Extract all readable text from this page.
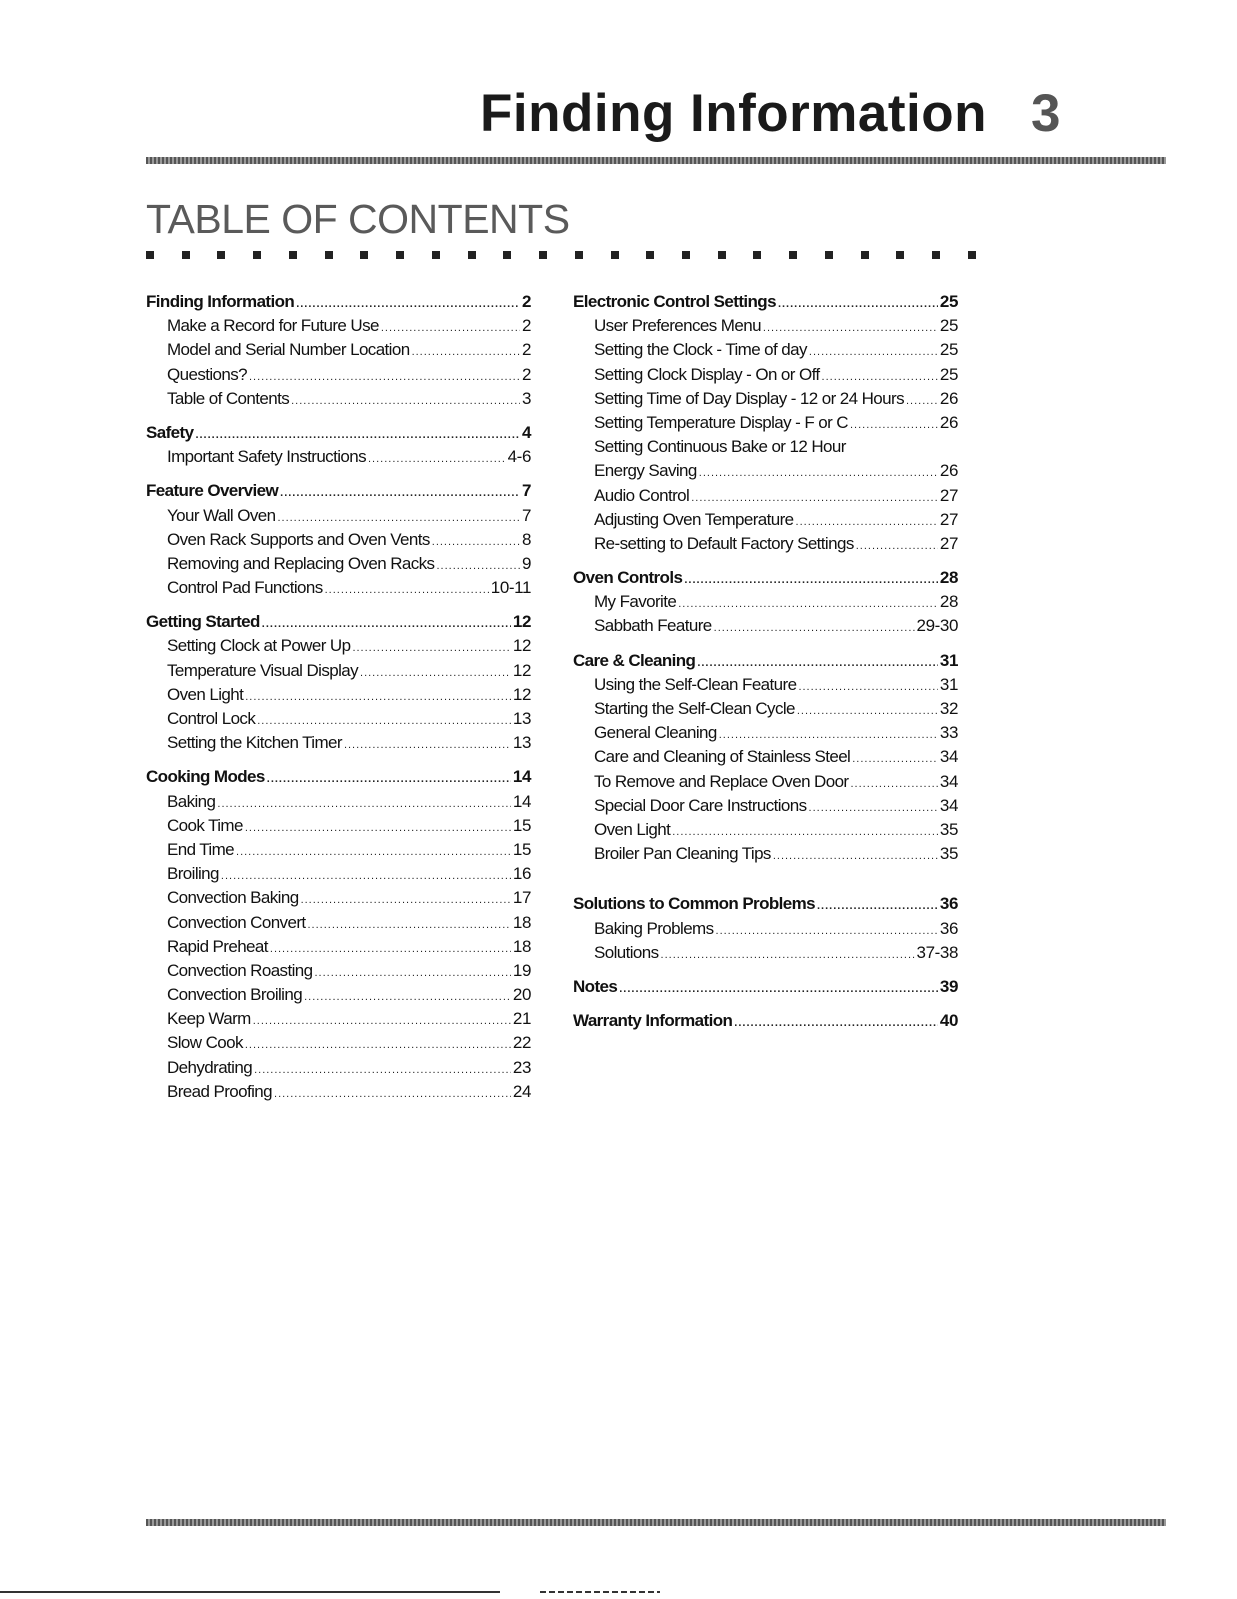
Finding Information 3
TABLE OF CONTENTS
Finding Information .....	2
Make a Record for Future Use .....	2
Model and Serial Number Location .....	2
Questions? .....	2
Table of Contents .....	3
Safety .....	4
Important Safety Instructions .....	4-6
Feature Overview .....	7
Your Wall Oven .....	7
Oven Rack Supports and Oven Vents .....	8
Removing and Replacing Oven Racks .....	9
Control Pad Functions .....	10-11
Getting Started .....	12
Setting Clock at Power Up .....	12
Temperature Visual Display .....	12
Oven Light .....	12
Control Lock .....	13
Setting the Kitchen Timer .....	13
Cooking Modes .....	14
Baking .....	14
Cook Time .....	15
End Time .....	15
Broiling .....	16
Convection Baking .....	17
Convection Convert .....	18
Rapid Preheat .....	18
Convection Roasting .....	19
Convection Broiling .....	20
Keep Warm .....	21
Slow Cook .....	22
Dehydrating .....	23
Bread Proofing .....	24
Electronic Control Settings .....	25
User Preferences Menu .....	25
Setting the Clock - Time of day .....	25
Setting Clock Display - On or Off .....	25
Setting Time of Day Display - 12 or 24 Hours ..... 26
Setting Temperature Display - F or C .....	26
Setting Continuous Bake or 12 Hour
Energy Saving .....	26
Audio Control .....	27
Adjusting Oven Temperature .....	27
Re-setting to Default Factory Settings .....	27
Oven Controls .....	28
My Favorite .....	28
Sabbath Feature .....	29-30
Care & Cleaning .....	31
Using the Self-Clean Feature .....	31
Starting the Self-Clean Cycle .....	32
General Cleaning .....	33
Care and Cleaning of Stainless Steel .....	34
To Remove and Replace Oven Door .....	34
Special Door Care Instructions .....	34
Oven Light .....	35
Broiler Pan Cleaning Tips .....	35
Solutions to Common Problems .....	36
Baking Problems .....	36
Solutions .....	37-38
Notes .....	39
Warranty Information .....	40
